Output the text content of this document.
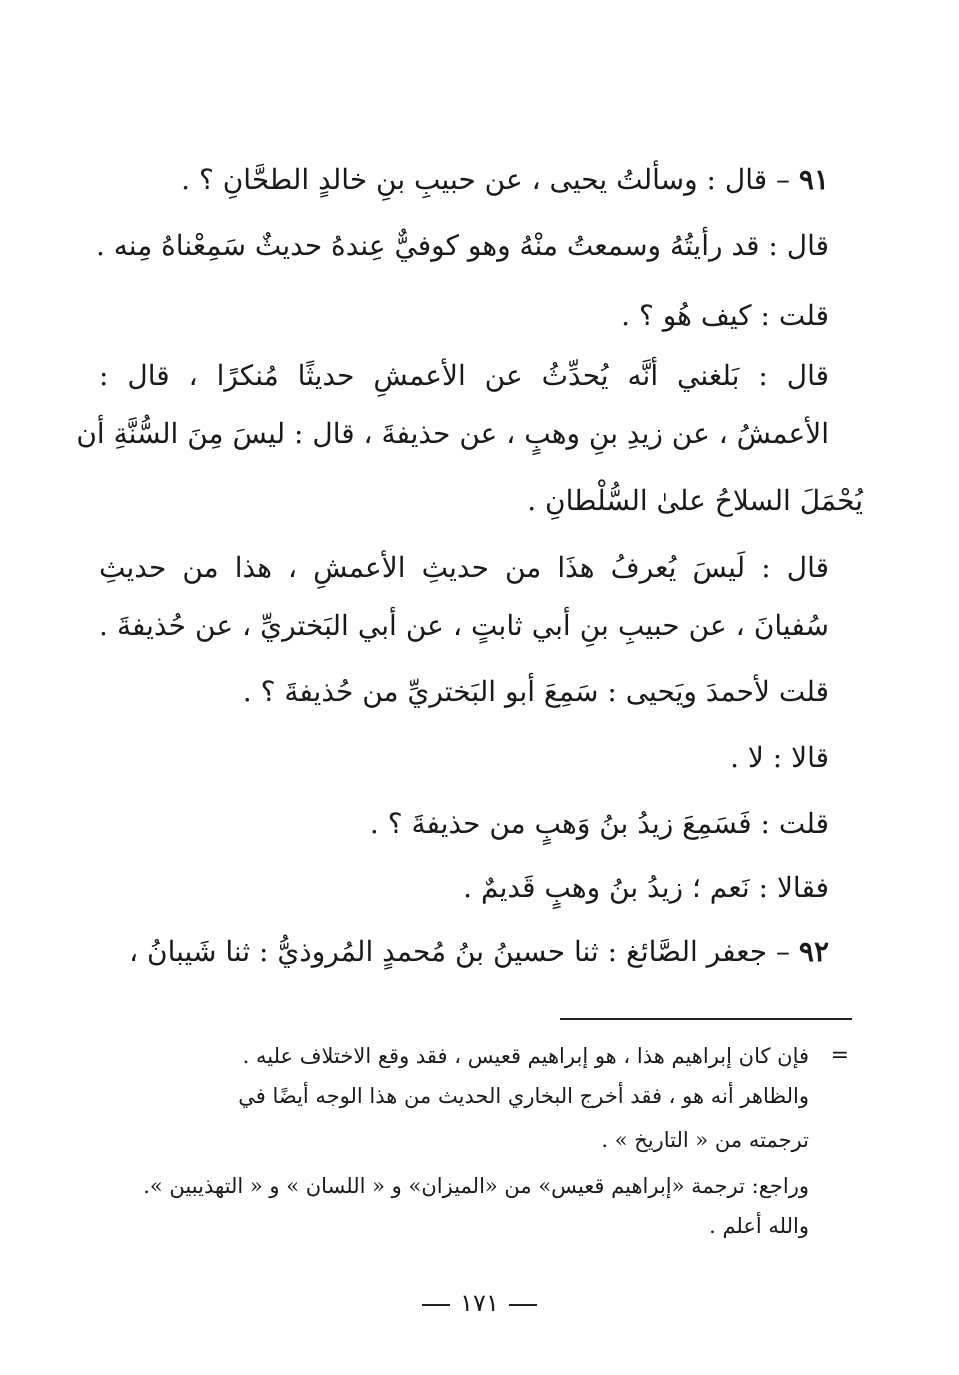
٩١ – قال : وسألتُ يحيى ، عن حبيبِ بنِ خالدٍ الطحَّانِ ؟ .
قال : قد رأيتُهُ وسمعتُ منْهُ وهو كوفيٌّ عِندهُ حديثٌ سَمِعْناهُ مِنه .
قلت : كيف هُو ؟ .
قال : بَلغني أنَّه يُحدِّثُ عن الأعمشِ حديثًا مُنكرًا ، قال :
الأعمشُ ، عن زيدِ بنِ وهبٍ ، عن حذيفةَ ، قال : ليسَ مِنَ السُّنَّةِ أن
يُحْمَلَ السلاحُ علىٰ السُّلْطانِ .
قال : لَيسَ يُعرفُ هذَا من حديثِ الأعمشِ ، هذا من حديثِ
سُفيانَ ، عن حبيبِ بنِ أبي ثابتٍ ، عن أبي البَختريِّ ، عن حُذيفةَ .
قلت لأحمدَ ويَحيى : سَمِعَ أبو البَختريِّ من حُذيفةَ ؟ .
قالا : لا .
قلت : فَسَمِعَ زيدُ بنُ وَهبٍ من حذيفةَ ؟ .
فقالا : نَعم ؛ زيدُ بنُ وهبٍ قَديمٌ .
٩٢ – جعفر الصَّائغ : ثنا حسينُ بنُ مُحمدٍ المُروذيُّ : ثنا شَيبانُ ،
=
فإن كان إبراهيم هذا ، هو إبراهيم قعيس ، فقد وقع الاختلاف عليه .
والظاهر أنه هو ، فقد أخرج البخاري الحديث من هذا الوجه أيضًا في
ترجمته من « التاريخ » .
وراجع: ترجمة «إبراهيم قعيس» من «الميزان» و « اللسان » و « التهذيبين ».
والله أعلم .
١٧١
